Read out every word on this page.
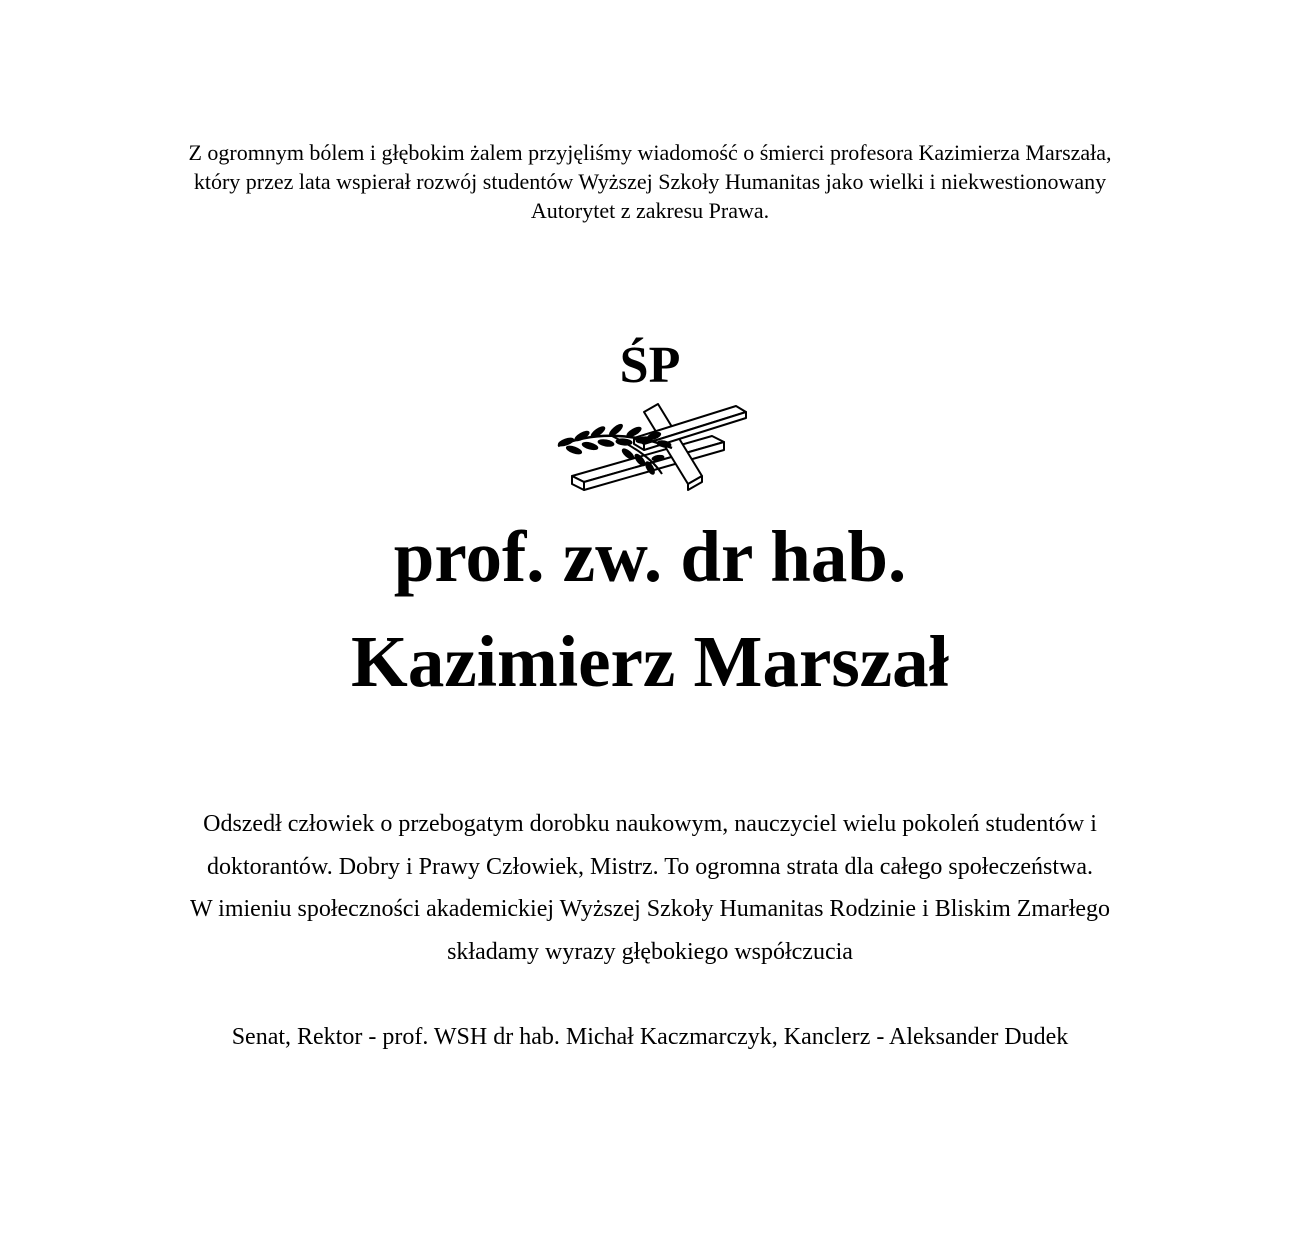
Z ogromnym bólem i głębokim żalem przyjęliśmy wiadomość o śmierci profesora Kazimierza Marszała,
który przez lata wspierał rozwój studentów Wyższej Szkoły Humanitas jako wielki i niekwestionowany
Autorytet z zakresu Prawa.
ŚP
prof. zw. dr hab.
Kazimierz Marszał
Odszedł człowiek o przebogatym dorobku naukowym, nauczyciel wielu pokoleń studentów i
doktorantów. Dobry i Prawy Człowiek, Mistrz. To ogromna strata dla całego społeczeństwa.
W imieniu społeczności akademickiej Wyższej Szkoły Humanitas Rodzinie i Bliskim Zmarłego
składamy wyrazy głębokiego współczucia
Senat, Rektor - prof. WSH dr hab. Michał Kaczmarczyk, Kanclerz - Aleksander Dudek
